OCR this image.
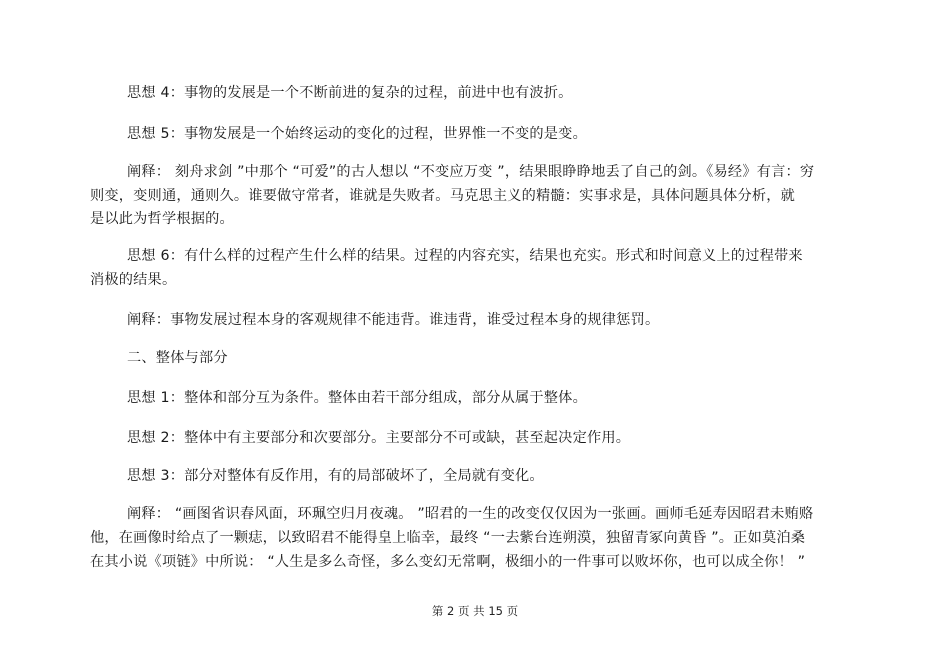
思想 4：事物的发展是一个不断前进的复杂的过程，前进中也有波折。
思想 5：事物发展是一个始终运动的变化的过程，世界惟一不变的是变。
阐释： 刻舟求剑 ”中那个 “可爱”的古人想以 “不变应万变 ”，结果眼睁睁地丢了自己的剑。《易经》有言：穷
则变，变则通，通则久。谁要做守常者，谁就是失败者。马克思主义的精髓：实事求是，具体问题具体分析，就
是以此为哲学根据的。
思想 6：有什么样的过程产生什么样的结果。过程的内容充实，结果也充实。形式和时间意义上的过程带来
消极的结果。
阐释：事物发展过程本身的客观规律不能违背。谁违背，谁受过程本身的规律惩罚。
二、整体与部分
思想 1：整体和部分互为条件。整体由若干部分组成，部分从属于整体。
思想 2：整体中有主要部分和次要部分。主要部分不可或缺，甚至起决定作用。
思想 3：部分对整体有反作用，有的局部破坏了，全局就有变化。
阐释： “画图省识春风面，环珮空归月夜魂。 ”昭君的一生的改变仅仅因为一张画。画师毛延寿因昭君未贿赂
他，在画像时给点了一颗痣，以致昭君不能得皇上临幸，最终 “一去紫台连朔漠，独留青冢向黄昏 ”。正如莫泊桑
在其小说《项链》中所说： “人生是多么奇怪，多么变幻无常啊，极细小的一件事可以败坏你，也可以成全你！ ”
第 2 页 共 15 页
